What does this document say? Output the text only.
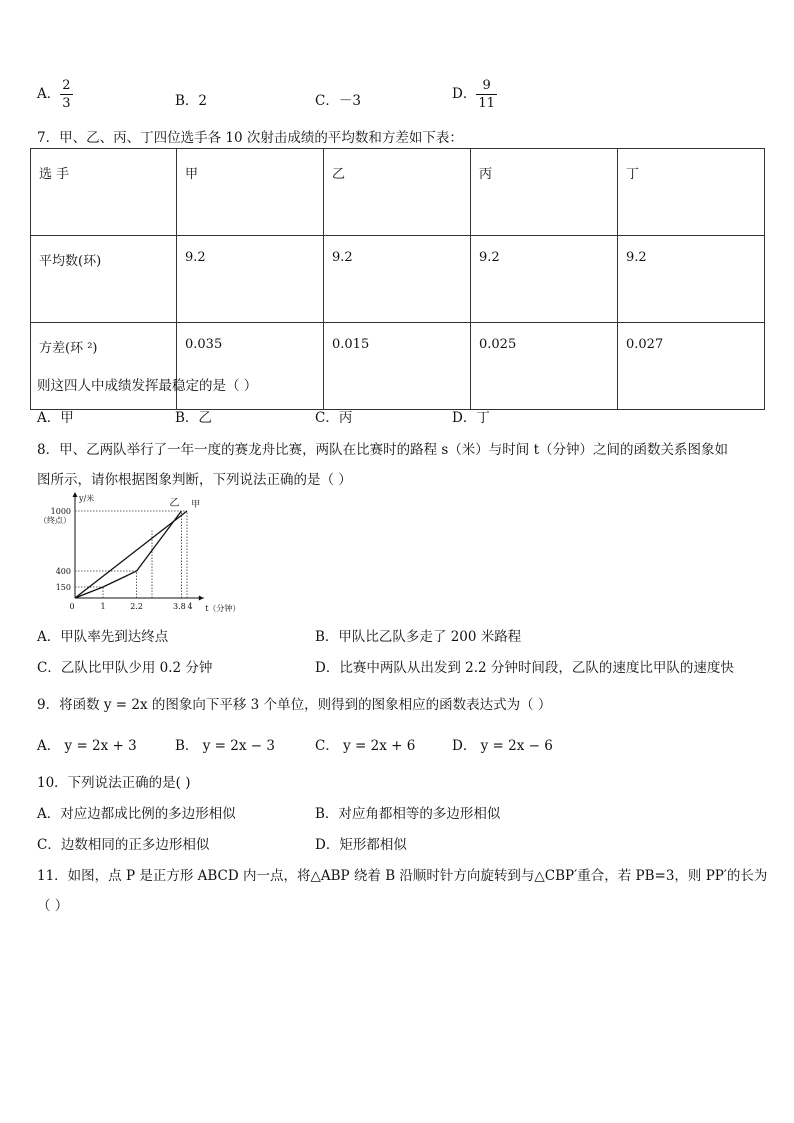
A． $\frac{2}{3}$	B．2	C．－3	D． $\frac{9}{11}$
7．甲、乙、丙、丁四位选手各 10 次射击成绩的平均数和方差如下表：
选 手	甲	乙	丙	丁
平均数(环)	9.2	9.2	9.2	9.2
方差(环 ²)	0.035	0.015	0.025	0.027
则这四人中成绩发挥最稳定的是（ ）
A．甲	B．乙	C．丙	D．丁
8．甲、乙两队举行了一年一度的赛龙舟比赛，两队在比赛时的路程 s（米）与时间 t（分钟）之间的函数关系图象如
图所示，请你根据图象判断，下列说法正确的是（ ）
150
400
1000
（终点）
0	1	2.2	3.8 4
y/米
t（分钟）
乙 甲
A．甲队率先到达终点	B．甲队比乙队多走了 200 米路程
C．乙队比甲队少用 0.2 分钟	D．比赛中两队从出发到 2.2 分钟时间段，乙队的速度比甲队的速度快
9．将函数 y = 2x 的图象向下平移 3 个单位，则得到的图象相应的函数表达式为（ ）
A． y = 2x + 3	B． y = 2x − 3	C． y = 2x + 6	D． y = 2x − 6
10．下列说法正确的是( )
A．对应边都成比例的多边形相似	B．对应角都相等的多边形相似
C．边数相同的正多边形相似	D．矩形都相似
11．如图，点 P 是正方形 ABCD 内一点，将△ABP 绕着 B 沿顺时针方向旋转到与△CBP′重合，若 PB=3，则 PP′的长为
（ ）
